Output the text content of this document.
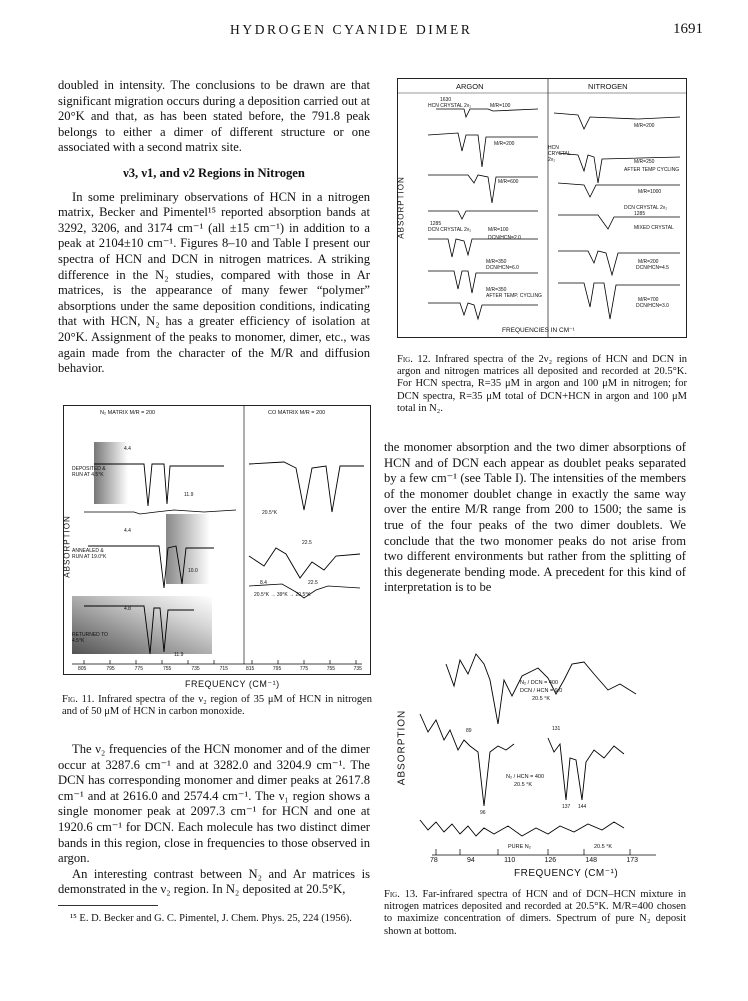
HYDROGEN CYANIDE DIMER	1691

doubled in intensity. The conclusions to be drawn are that significant migration occurs during a deposition carried out at 20°K and that, as has been stated before, the 791.8 peak belongs to either a dimer of different structure or one associated with a second matrix site.

ν3, ν1, and ν2 Regions in Nitrogen

In some preliminary observations of HCN in a nitrogen matrix, Becker and Pimentel¹⁵ reported absorption bands at 3292, 3206, and 3174 cm⁻¹ (all ±15 cm⁻¹) in addition to a peak at 2104±10 cm⁻¹. Figures 8–10 and Table I present our spectra of HCN and DCN in nitrogen matrices. A striking difference in the N₂ studies, compared with those in Ar matrices, is the appearance of many fewer “polymer” absorptions under the same deposition conditions, indicating that with HCN, N₂ has a greater efficiency of isolation at 20°K. Assignment of the peaks to monomer, dimer, etc., was again made from the character of the M/R and diffusion behavior.

N₂ MATRIX M/R = 200	CO MATRIX M/R = 200
ABSORPTION
DEPOSITED & RUN AT 4.5°K
ANNEALED & RUN AT 19.0°K
RETURNED TO 4.5°K
4.4
11.9
4.4
10.0
4.8
11.9
20.5°K
22.5
8.4	22.5
20.5°K → 39°K → 20.5°K
805	795	775	755	735	715	815	795	775	755	735
FREQUENCY (CM⁻¹)
Fig. 11. Infrared spectra of the ν₂ region of 35 μM of HCN in nitrogen and of 50 μM of HCN in carbon monoxide.

The ν₂ frequencies of the HCN monomer and of the dimer occur at 3287.6 cm⁻¹ and at 3282.0 and 3204.9 cm⁻¹. The DCN has corresponding monomer and dimer peaks at 2617.8 cm⁻¹ and at 2616.0 and 2574.4 cm⁻¹. The ν₁ region shows a single monomer peak at 2097.3 cm⁻¹ for HCN and one at 1920.6 cm⁻¹ for DCN. Each molecule has two distinct dimer bands in this region, close in frequencies to those observed in argon.

An interesting contrast between N₂ and Ar matrices is demonstrated in the ν₂ region. In N₂ deposited at 20.5°K,

¹⁵ E. D. Becker and G. C. Pimentel, J. Chem. Phys. 25, 224 (1956).
ARGON	NITROGEN
ABSORPTION
1630
HCN CRYSTAL 2ν₂	M/R=100
M/R=200
M/R=600
1285
DCN CRYSTAL 2ν₂	M/R=100
DCN/HCN=2.0
M/R=350
DCN/HCN=6.0
M/R=350
AFTER TEMP. CYCLING
M/R=200
HCN CRYSTAL 2ν₂	M/R=250
AFTER TEMP CYCLING
M/R=1000
DCN CRYSTAL 2ν₂
1285
MIXED CRYSTAL
M/R=200
DCN/HCN=4.5
M/R=700
DCN/HCN=3.0
FREQUENCIES IN CM⁻¹
Fig. 12. Infrared spectra of the 2ν₂ regions of HCN and DCN in argon and nitrogen matrices all deposited and recorded at 20.5°K. For HCN spectra, R=35 μM in argon and 100 μM in nitrogen; for DCN spectra, R=35 μM total of DCN+HCN in argon and 100 μM total in N₂.

the monomer absorption and the two dimer absorptions of HCN and of DCN each appear as doublet peaks separated by a few cm⁻¹ (see Table I). The intensities of the members of the monomer doublet change in exactly the same way over the entire M/R range from 200 to 1500; the same is true of the four peaks of the two dimer doublets. We conclude that the two monomer peaks do not arise from two different environments but rather from the splitting of this degenerate bending mode. A precedent for this kind of interpretation is to be

ABSORPTION
N₂ / DCN = 400
DCN / HCN = 9.0
20.5 °K
89	131
N₂ / HCN = 400
20.5 °K
96
137 144
PURE N₂	20.5 °K
78	94	110	126	148	173
FREQUENCY (CM⁻¹)
Fig. 13. Far-infrared spectra of HCN and of DCN–HCN mixture in nitrogen matrices deposited and recorded at 20.5°K. M/R=400 chosen to maximize concentration of dimers. Spectrum of pure N₂ deposit shown at bottom.
